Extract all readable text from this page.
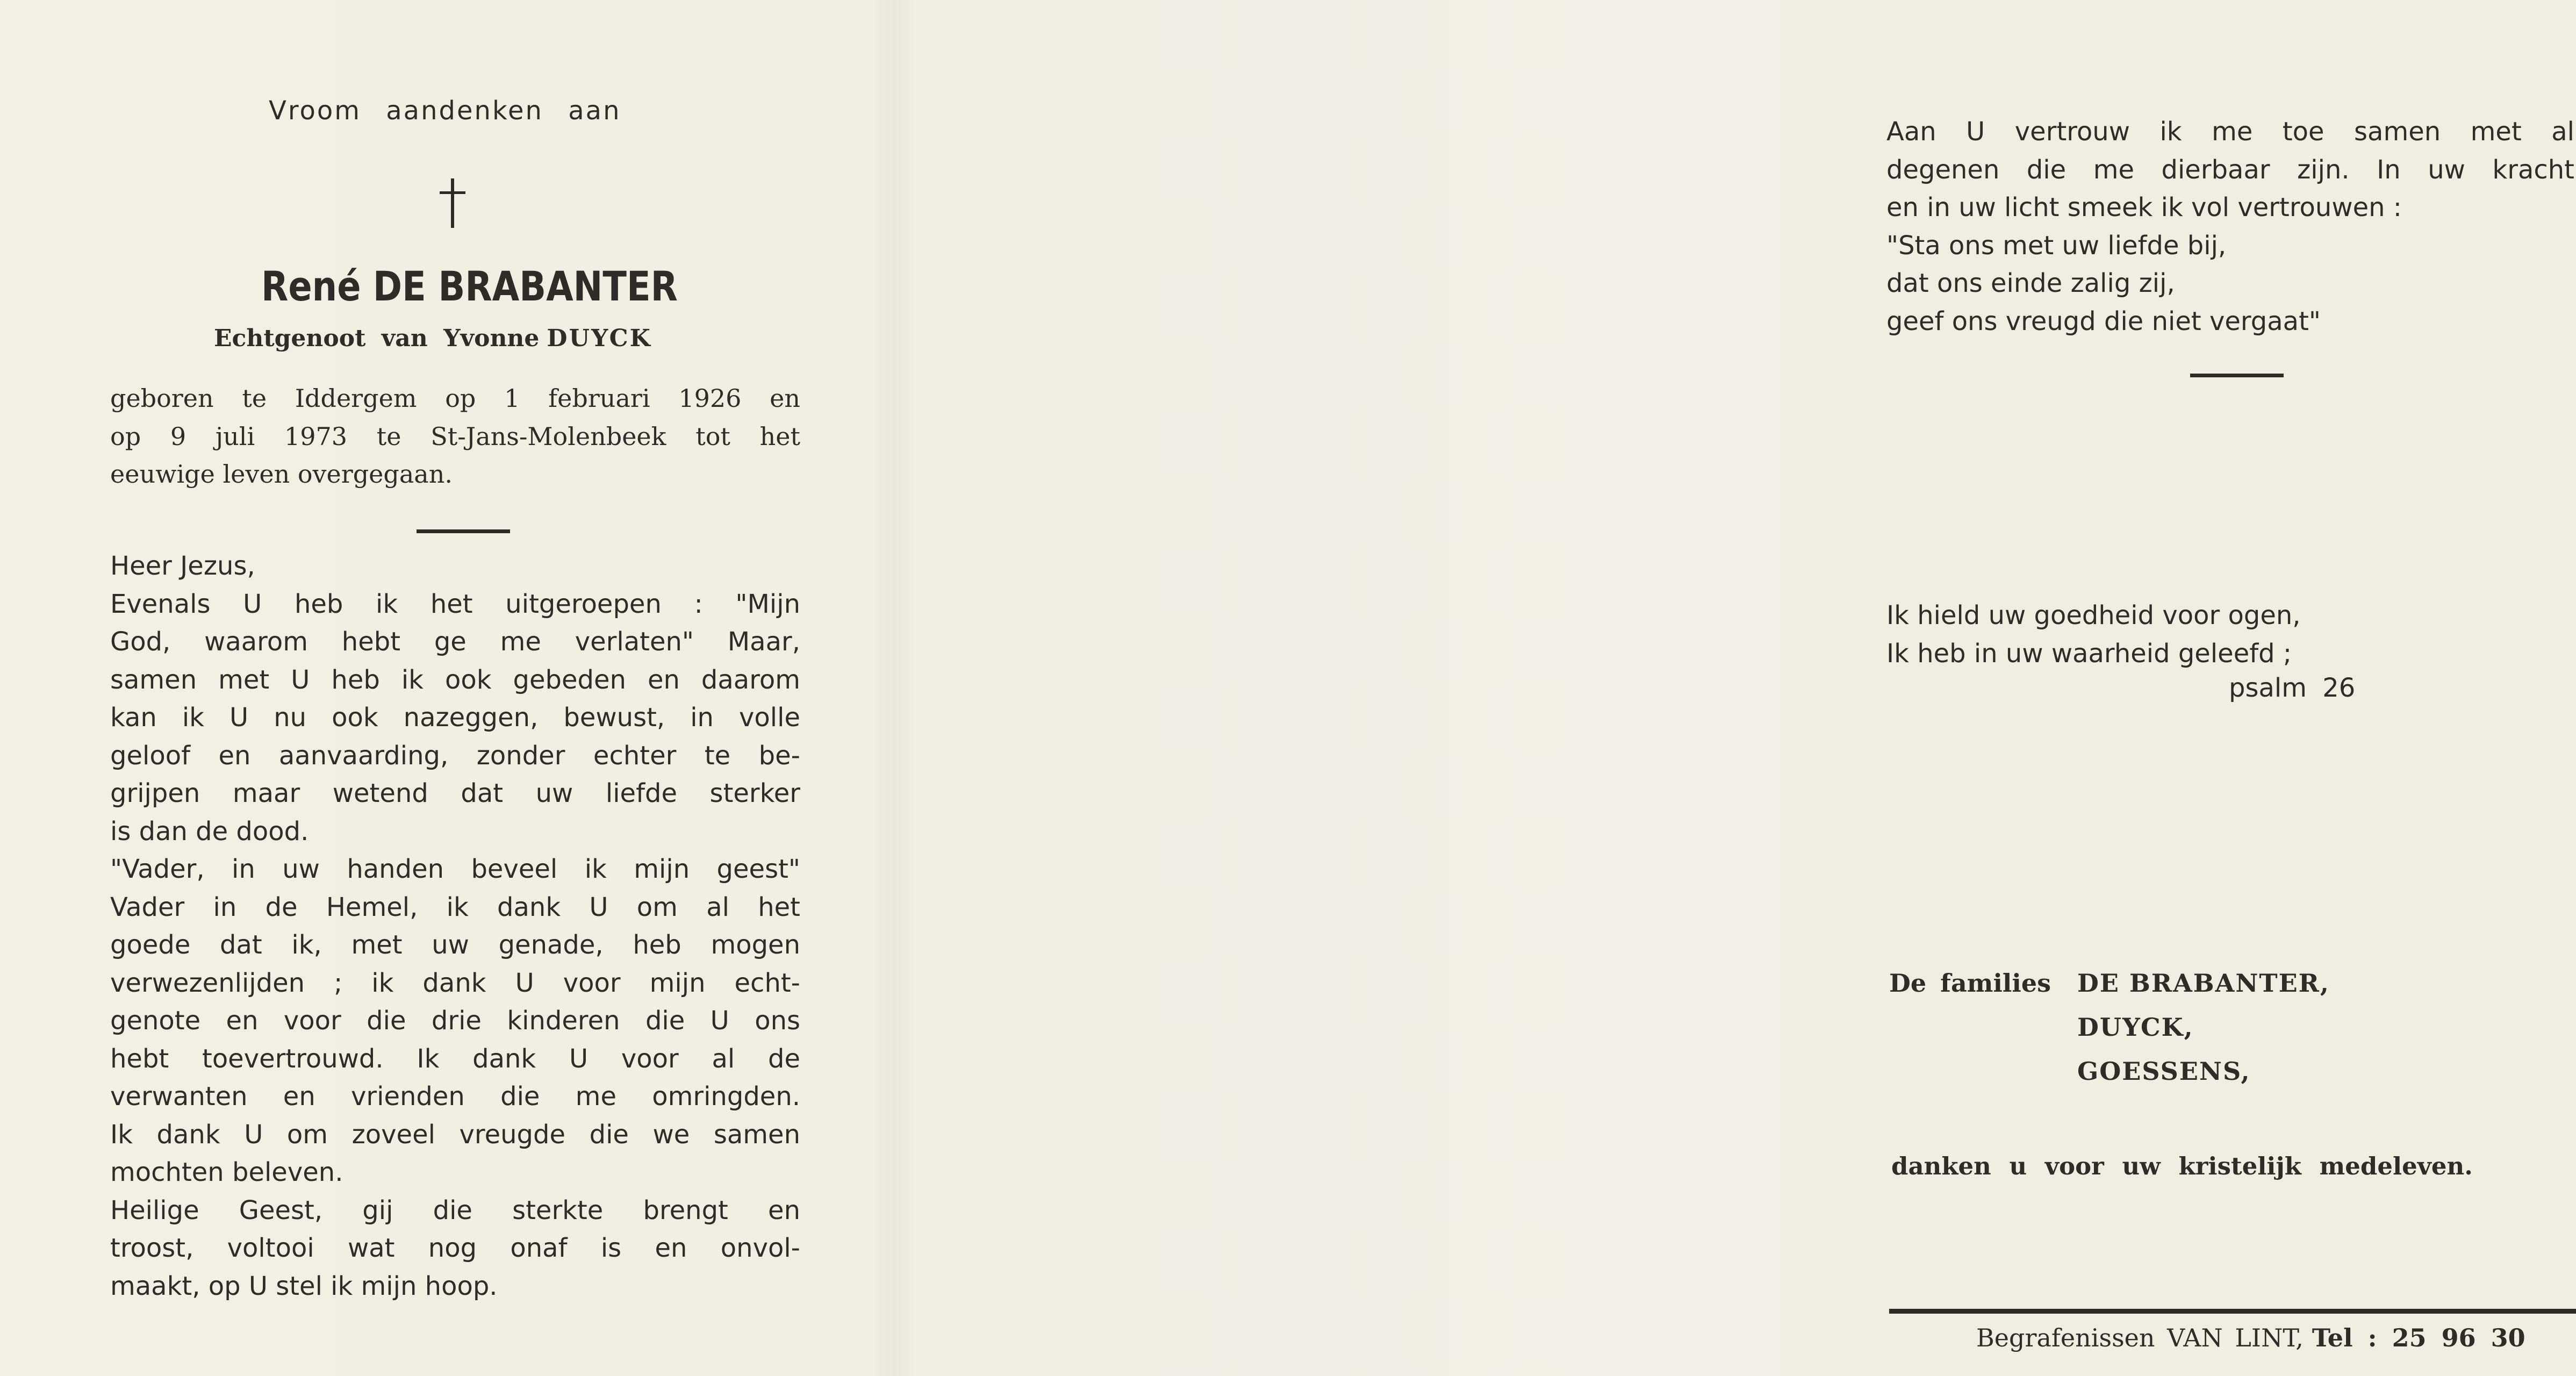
Vroom aandenken aan
René DE BRABANTER
Echtgenoot van Yvonne DUYCK
geboren te Iddergem op 1 februari 1926 en
op 9 juli 1973 te St-Jans-Molenbeek tot het
eeuwige leven overgegaan.
Heer Jezus,
Evenals U heb ik het uitgeroepen : "Mijn
God, waarom hebt ge me verlaten" Maar,
samen met U heb ik ook gebeden en daarom
kan ik U nu ook nazeggen, bewust, in volle
geloof en aanvaarding, zonder echter te be-
grijpen maar wetend dat uw liefde sterker
is dan de dood.
"Vader, in uw handen beveel ik mijn geest"
Vader in de Hemel, ik dank U om al het
goede dat ik, met uw genade, heb mogen
verwezenlijden ; ik dank U voor mijn echt-
genote en voor die drie kinderen die U ons
hebt toevertrouwd. Ik dank U voor al de
verwanten en vrienden die me omringden.
Ik dank U om zoveel vreugde die we samen
mochten beleven.
Heilige Geest, gij die sterkte brengt en
troost, voltooi wat nog onaf is en onvol-
maakt, op U stel ik mijn hoop.
Aan U vertrouw ik me toe samen met al
degenen die me dierbaar zijn. In uw kracht
en in uw licht smeek ik vol vertrouwen :
"Sta ons met uw liefde bij,
dat ons einde zalig zij,
geef ons vreugd die niet vergaat"
Ik hield uw goedheid voor ogen,
Ik heb in uw waarheid geleefd ;
psalm 26
De families DE BRABANTER,
DUYCK,
GOESSENS,
danken u voor uw kristelijk medeleven.
Begrafenissen VAN LINT, Tel : 25 96 30
